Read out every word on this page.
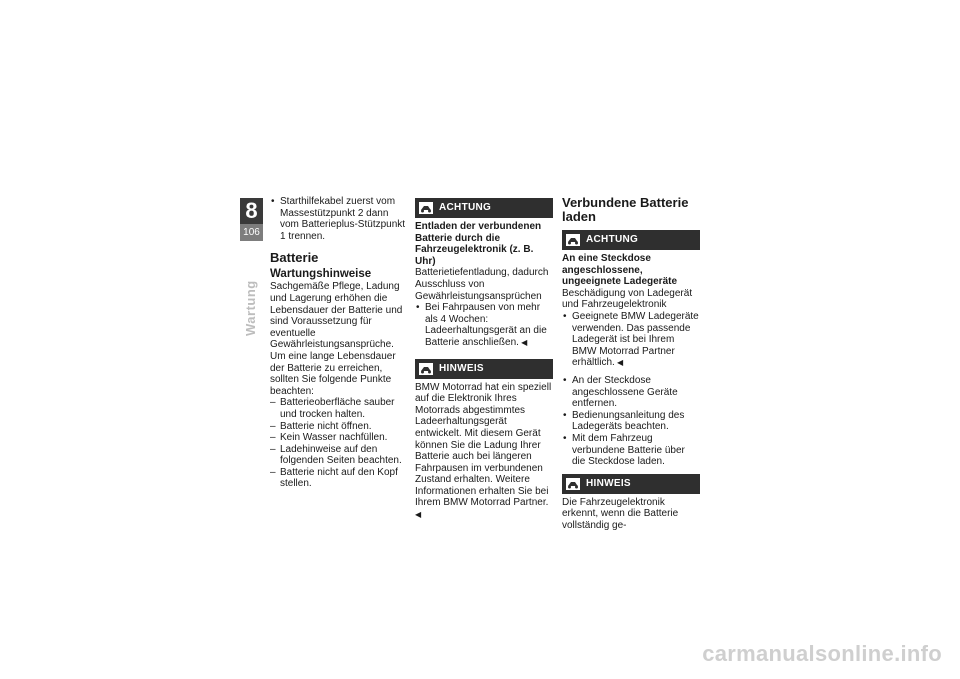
8
106
Wartung
• Starthilfekabel zuerst vom Massestützpunkt 2 dann vom Batterieplus-Stützpunkt 1 trennen.
Batterie
Wartungshinweise
Sachgemäße Pflege, Ladung und Lagerung erhöhen die Lebensdauer der Batterie und sind Voraussetzung für eventuelle Gewährleistungsansprüche.
Um eine lange Lebensdauer der Batterie zu erreichen, sollten Sie folgende Punkte beachten:
– Batterieoberfläche sauber und trocken halten.
– Batterie nicht öffnen.
– Kein Wasser nachfüllen.
– Ladehinweise auf den folgenden Seiten beachten.
– Batterie nicht auf den Kopf stellen.
ACHTUNG
Entladen der verbundenen Batterie durch die Fahrzeugelektronik (z. B. Uhr)
Batterietiefentladung, dadurch Ausschluss von Gewährleistungsansprüchen
• Bei Fahrpausen von mehr als 4 Wochen: Ladeerhaltungsgerät an die Batterie anschließen. ◀
HINWEIS
BMW Motorrad hat ein speziell auf die Elektronik Ihres Motorrads abgestimmtes Ladeerhaltungsgerät entwickelt. Mit diesem Gerät können Sie die Ladung Ihrer Batterie auch bei längeren Fahrpausen im verbundenen Zustand erhalten. Weitere Informationen erhalten Sie bei Ihrem BMW Motorrad Partner. ◀
Verbundene Batterie laden
ACHTUNG
An eine Steckdose angeschlossene, ungeeignete Ladegeräte
Beschädigung von Ladegerät und Fahrzeugelektronik
• Geeignete BMW Ladegeräte verwenden. Das passende Ladegerät ist bei Ihrem BMW Motorrad Partner erhältlich. ◀
• An der Steckdose angeschlossene Geräte entfernen.
• Bedienungsanleitung des Ladegeräts beachten.
• Mit dem Fahrzeug verbundene Batterie über die Steckdose laden.
HINWEIS
Die Fahrzeugelektronik erkennt, wenn die Batterie vollständig ge-
carmanualsonline.info
